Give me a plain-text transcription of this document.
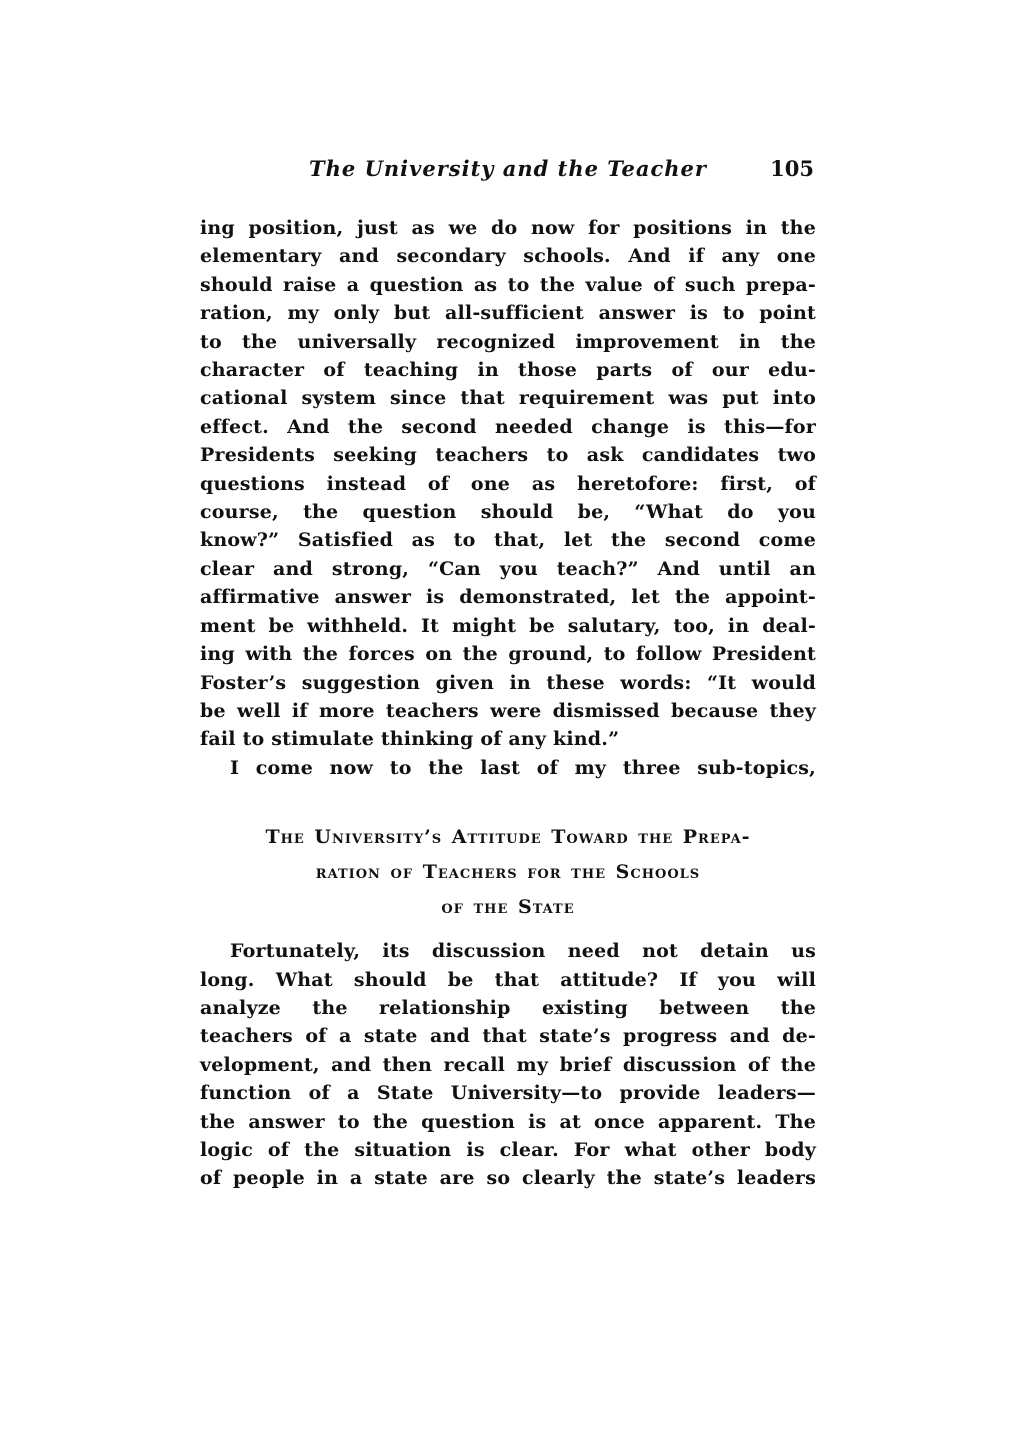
The University and the Teacher	105
ing position, just as we do now for positions in the
elementary and secondary schools. And if any one
should raise a question as to the value of such prepa-
ration, my only but all-sufficient answer is to point
to the universally recognized improvement in the
character of teaching in those parts of our edu-
cational system since that requirement was put into
effect. And the second needed change is this—for
Presidents seeking teachers to ask candidates two
questions instead of one as heretofore: first, of
course, the question should be, “What do you
know?” Satisfied as to that, let the second come
clear and strong, “Can you teach?” And until an
affirmative answer is demonstrated, let the appoint-
ment be withheld. It might be salutary, too, in deal-
ing with the forces on the ground, to follow President
Foster’s suggestion given in these words: “It would
be well if more teachers were dismissed because they
fail to stimulate thinking of any kind.”
I come now to the last of my three sub-topics,
The University’s Attitude Toward the Prepa-
ration of Teachers for the Schools
of the State
Fortunately, its discussion need not detain us
long. What should be that attitude? If you will
analyze the relationship existing between the
teachers of a state and that state’s progress and de-
velopment, and then recall my brief discussion of the
function of a State University—to provide leaders—
the answer to the question is at once apparent. The
logic of the situation is clear. For what other body
of people in a state are so clearly the state’s leaders
